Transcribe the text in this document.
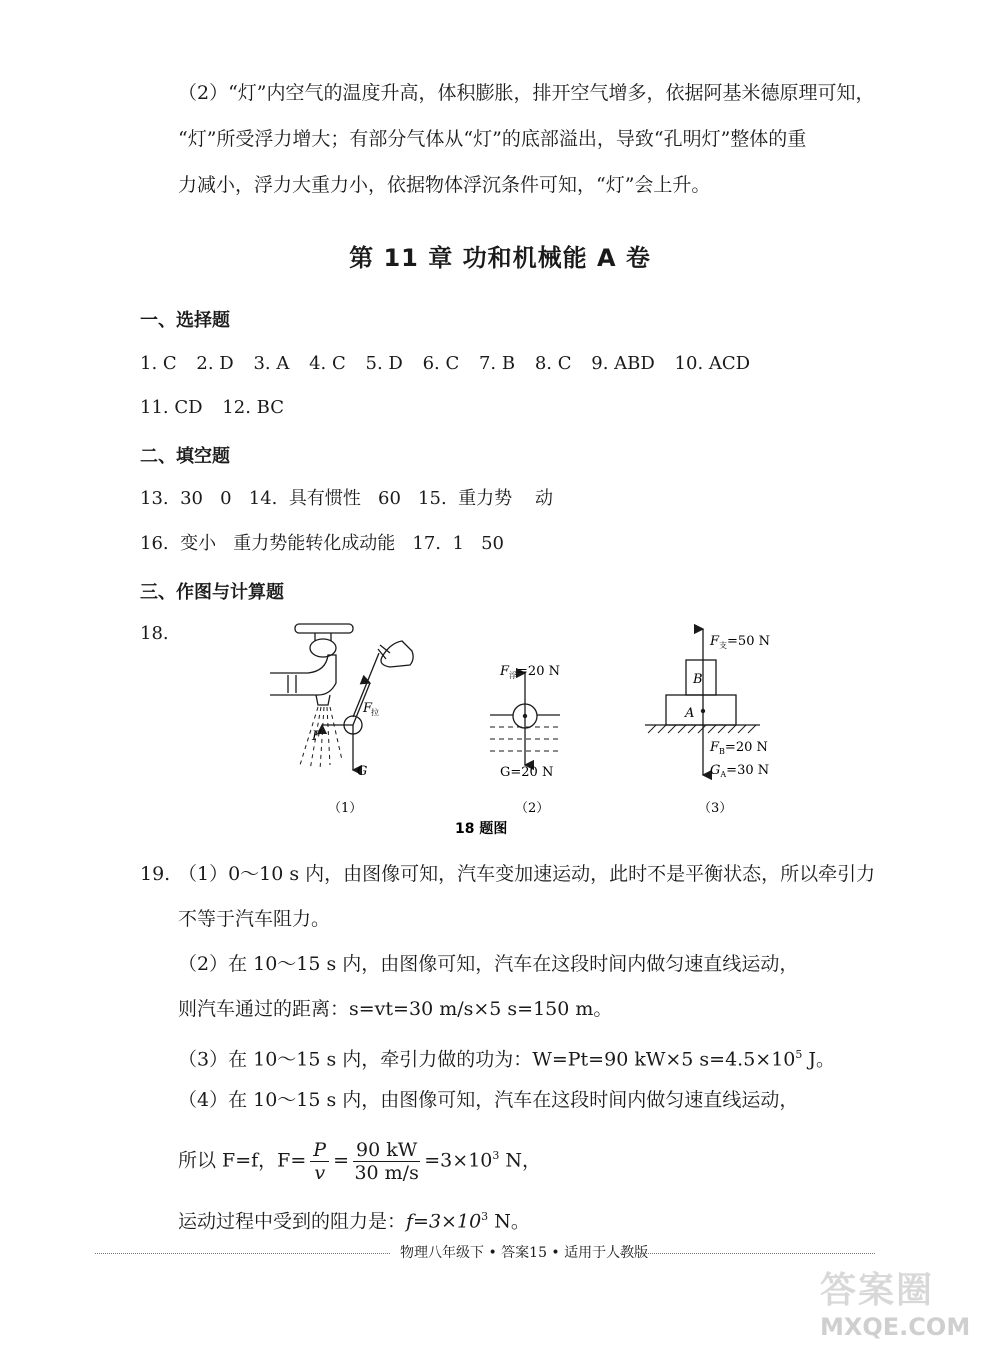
（2）“灯”内空气的温度升高，体积膨胀，排开空气增多，依据阿基米德原理可知，
“灯”所受浮力增大；有部分气体从“灯”的底部溢出，导致“孔明灯”整体的重
力减小，浮力大重力小，依据物体浮沉条件可知，“灯”会上升。
第 11 章 功和机械能 A 卷
一、选择题
1. C 2. D 3. A 4. C 5. D 6. C 7. B 8. C 9. ABD 10. ACD
11. CD 12. BC
二、填空题
13.  30   0   14.  具有惯性   60   15.  重力势    动
16.  变小   重力势能转化成动能   17.  1   50
三、作图与计算题
18.
F
拉
F
G
（1）
$F_浮=20$ N
G=20 N
（2）
B
A
$F_支=50$ N
$F_B=20$ N
$G_A=30$ N
（3）
18 题图
19. （1）0～10 s 内，由图像可知，汽车变加速运动，此时不是平衡状态，所以牵引力
不等于汽车阻力。
（2）在 10～15 s 内，由图像可知，汽车在这段时间内做匀速直线运动，
则汽车通过的距离：s=vt=30 m/s×5 s=150 m。
（3）在 10～15 s 内，牵引力做的功为：W=Pt=90 kW×5 $s=4.5\times 10^5$ J。
（4）在 10～15 s 内，由图像可知，汽车在这段时间内做匀速直线运动，
所以 F=f，$F= \frac{P}{v} = \frac{90 kW}{30 m/s} =3\times 10^3$ N，
运动过程中受到的阻力是：$f=3\times 10^3$ N。
物理八年级下 • 答案15 • 适用于人教版
答案圈
MXQE.COM
